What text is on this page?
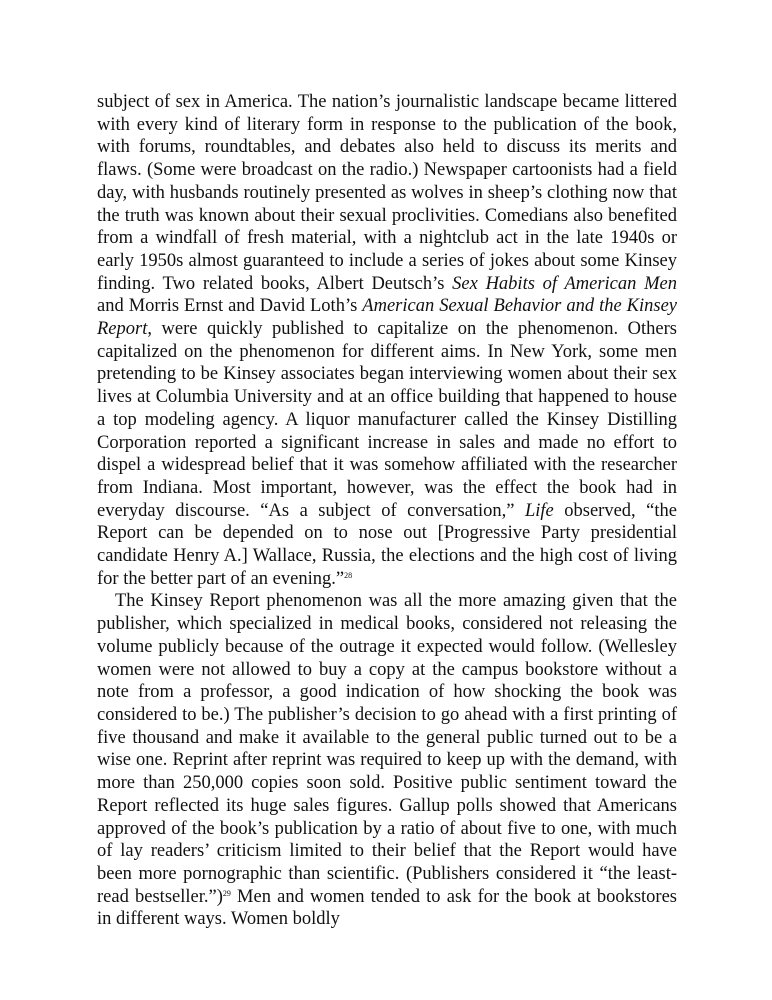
subject of sex in America. The nation’s journalistic landscape became littered with every kind of literary form in response to the publication of the book, with forums, roundtables, and debates also held to discuss its merits and flaws. (Some were broadcast on the radio.) Newspaper cartoonists had a field day, with husbands routinely presented as wolves in sheep’s clothing now that the truth was known about their sexual proclivities. Comedians also benefited from a windfall of fresh material, with a nightclub act in the late 1940s or early 1950s almost guaranteed to include a series of jokes about some Kinsey finding. Two related books, Albert Deutsch’s Sex Habits of American Men and Morris Ernst and David Loth’s American Sexual Behavior and the Kinsey Report, were quickly published to capitalize on the phenomenon. Others capitalized on the phenomenon for different aims. In New York, some men pretending to be Kinsey associates began interviewing women about their sex lives at Columbia University and at an office building that happened to house a top modeling agency. A liquor manufacturer called the Kinsey Distilling Corporation reported a significant increase in sales and made no effort to dispel a widespread belief that it was somehow affiliated with the researcher from Indiana. Most important, however, was the effect the book had in everyday discourse. “As a subject of conversation,” Life observed, “the Report can be depended on to nose out [Progressive Party presidential candidate Henry A.] Wallace, Russia, the elections and the high cost of living for the better part of an evening.”$^{28}$

The Kinsey Report phenomenon was all the more amazing given that the publisher, which specialized in medical books, considered not releasing the volume publicly because of the outrage it expected would follow. (Wellesley women were not allowed to buy a copy at the campus bookstore without a note from a professor, a good indication of how shocking the book was considered to be.) The publisher’s decision to go ahead with a first printing of five thousand and make it available to the general public turned out to be a wise one. Reprint after reprint was required to keep up with the demand, with more than 250,000 copies soon sold. Positive public sentiment toward the Report reflected its huge sales figures. Gallup polls showed that Americans approved of the book’s publication by a ratio of about five to one, with much of lay readers’ criticism limited to their belief that the Report would have been more pornographic than scientific. (Publishers considered it “the least-read bestseller.”)$^{29}$ Men and women tended to ask for the book at bookstores in different ways. Women boldly
